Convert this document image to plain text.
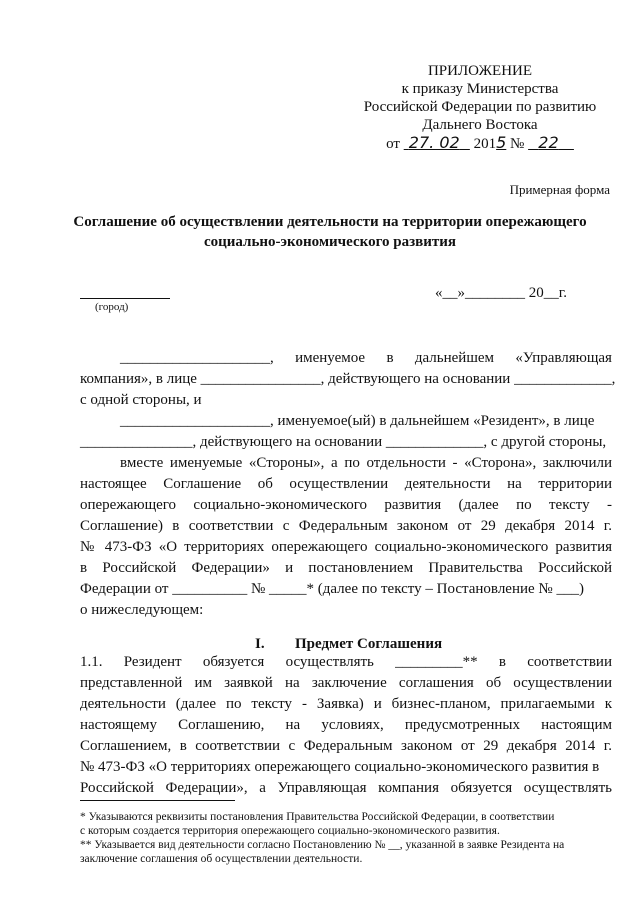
ПРИЛОЖЕНИЕ
к приказу Министерства
Российской Федерации по развитию
Дальнего Востока
от 27. 02 2015 № 22
Примерная форма
Соглашение об осуществлении деятельности на территории опережающего
социально-экономического развития
(город)
«__»________ 20__г.
____________________, именуемое в дальнейшем «Управляющая
компания», в лице ________________, действующего на основании _____________,
с одной стороны, и
____________________, именуемое(ый) в дальнейшем «Резидент», в лице
_______________, действующего на основании _____________, с другой стороны,
вместе именуемые «Стороны», а по отдельности - «Сторона», заключили
настоящее Соглашение об осуществлении деятельности на территории
опережающего социально-экономического развития (далее по тексту -
Соглашение) в соответствии с Федеральным законом от 29 декабря 2014 г.
№ 473-ФЗ «О территориях опережающего социально-экономического развития
в Российской Федерации» и постановлением Правительства Российской
Федерации от __________ № _____* (далее по тексту – Постановление № ___)
о нижеследующем:
I. Предмет Соглашения
1.1. Резидент обязуется осуществлять _________** в соответствии
представленной им заявкой на заключение соглашения об осуществлении
деятельности (далее по тексту - Заявка) и бизнес-планом, прилагаемыми к
настоящему Соглашению, на условиях, предусмотренных настоящим
Соглашением, в соответствии с Федеральным законом от 29 декабря 2014 г.
№ 473-ФЗ «О территориях опережающего социально-экономического развития в
Российской Федерации», а Управляющая компания обязуется осуществлять
* Указываются реквизиты постановления Правительства Российской Федерации, в соответствии
с которым создается территория опережающего социально-экономического развития.
** Указывается вид деятельности согласно Постановлению № __, указанной в заявке Резидента на
заключение соглашения об осуществлении деятельности.
